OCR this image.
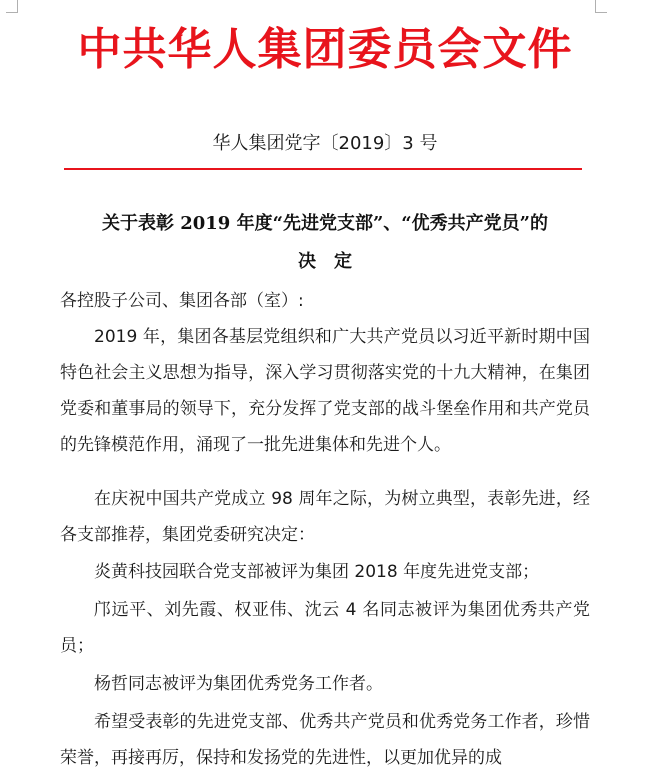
中共华人集团委员会文件
华人集团党字〔2019〕3 号
关于表彰 2019 年度“先进党支部”、“优秀共产党员”的
决定
各控股子公司、集团各部（室）:

2019 年，集团各基层党组织和广大共产党员以习近平新时期中国特色社会主义思想为指导，深入学习贯彻落实党的十九大精神，在集团党委和董事局的领导下，充分发挥了党支部的战斗堡垒作用和共产党员的先锋模范作用，涌现了一批先进集体和先进个人。

在庆祝中国共产党成立 98 周年之际，为树立典型，表彰先进，经各支部推荐，集团党委研究决定：

炎黄科技园联合党支部被评为集团 2018 年度先进党支部；

邝远平、刘先霞、权亚伟、沈云 4 名同志被评为集团优秀共产党员；

杨哲同志被评为集团优秀党务工作者。

希望受表彰的先进党支部、优秀共产党员和优秀党务工作者，珍惜荣誉，再接再厉，保持和发扬党的先进性，以更加优异的成
